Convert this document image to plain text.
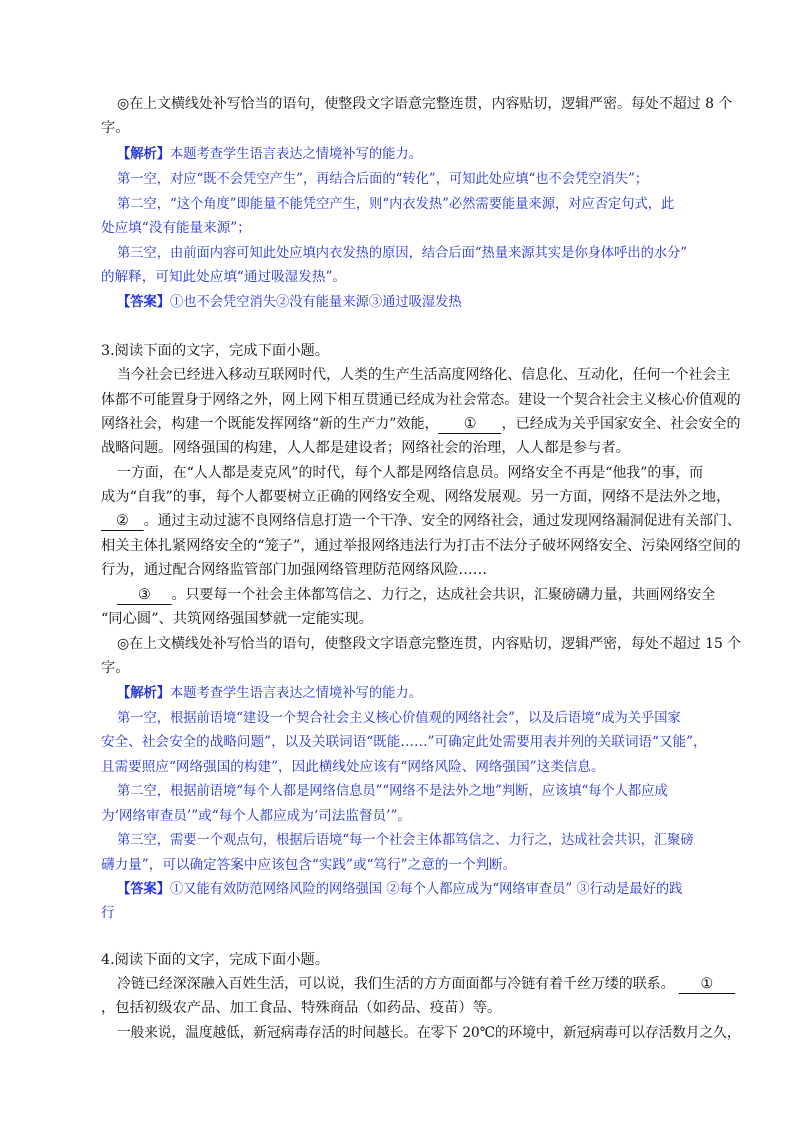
◎在上文横线处补写恰当的语句，使整段文字语意完整连贯，内容贴切，逻辑严密。每处不超过 8 个

字。

【解析】本题考查学生语言表达之情境补写的能力。

第一空，对应“既不会凭空产生”，再结合后面的“转化”，可知此处应填“也不会凭空消失”；

第二空，“这个角度”即能量不能凭空产生，则“内衣发热”必然需要能量来源，对应否定句式，此

处应填“没有能量来源”；

第三空，由前面内容可知此处应填内衣发热的原因，结合后面“热量来源其实是你身体呼出的水分”

的解释，可知此处应填“通过吸湿发热”。

【答案】①也不会凭空消失②没有能量来源③通过吸湿发热

3.阅读下面的文字，完成下面小题。

当今社会已经进入移动互联网时代，人类的生产生活高度网络化、信息化、互动化，任何一个社会主

体都不可能置身于网络之外，网上网下相互贯通已经成为社会常态。建设一个契合社会主义核心价值观的

网络社会，构建一个既能发挥网络“新的生产力”效能， ① ，已经成为关乎国家安全、社会安全的

战略问题。网络强国的构建，人人都是建设者；网络社会的治理，人人都是参与者。

一方面，在“人人都是麦克风”的时代，每个人都是网络信息员。网络安全不再是“他我”的事，而

成为“自我”的事，每个人都要树立正确的网络安全观、网络发展观。另一方面，网络不是法外之地，

② 。通过主动过滤不良网络信息打造一个干净、安全的网络社会，通过发现网络漏洞促进有关部门、

相关主体扎紧网络安全的“笼子”，通过举报网络违法行为打击不法分子破坏网络安全、污染网络空间的

行为，通过配合网络监管部门加强网络管理防范网络风险……

③ 。只要每一个社会主体都笃信之、力行之，达成社会共识，汇聚磅礴力量，共画网络安全

“同心圆”、共筑网络强国梦就一定能实现。

◎在上文横线处补写恰当的语句，使整段文字语意完整连贯，内容贴切，逻辑严密，每处不超过 15 个

字。

【解析】本题考查学生语言表达之情境补写的能力。

第一空，根据前语境“建设一个契合社会主义核心价值观的网络社会”，以及后语境“成为关乎国家

安全、社会安全的战略问题”，以及关联词语“既能……”可确定此处需要用表并列的关联词语“又能”，

且需要照应“网络强国的构建”，因此横线处应该有“网络风险、网络强国”这类信息。

第二空，根据前语境“每个人都是网络信息员”“网络不是法外之地”判断，应该填“每个人都应成

为‘网络审查员’”或“每个人都应成为‘司法监督员’”。

第三空，需要一个观点句，根据后语境“每一个社会主体都笃信之、力行之，达成社会共识，汇聚磅

礴力量”，可以确定答案中应该包含“实践”或“笃行”之意的一个判断。

【答案】①又能有效防范网络风险的网络强国 ②每个人都应成为“网络审查员” ③行动是最好的践

行

4.阅读下面的文字，完成下面小题。

冷链已经深深融入百姓生活，可以说，我们生活的方方面面都与冷链有着千丝万缕的联系。 ①

，包括初级农产品、加工食品、特殊商品（如药品、疫苗）等。

一般来说，温度越低，新冠病毒存活的时间越长。在零下 20℃的环境中，新冠病毒可以存活数月之久，
